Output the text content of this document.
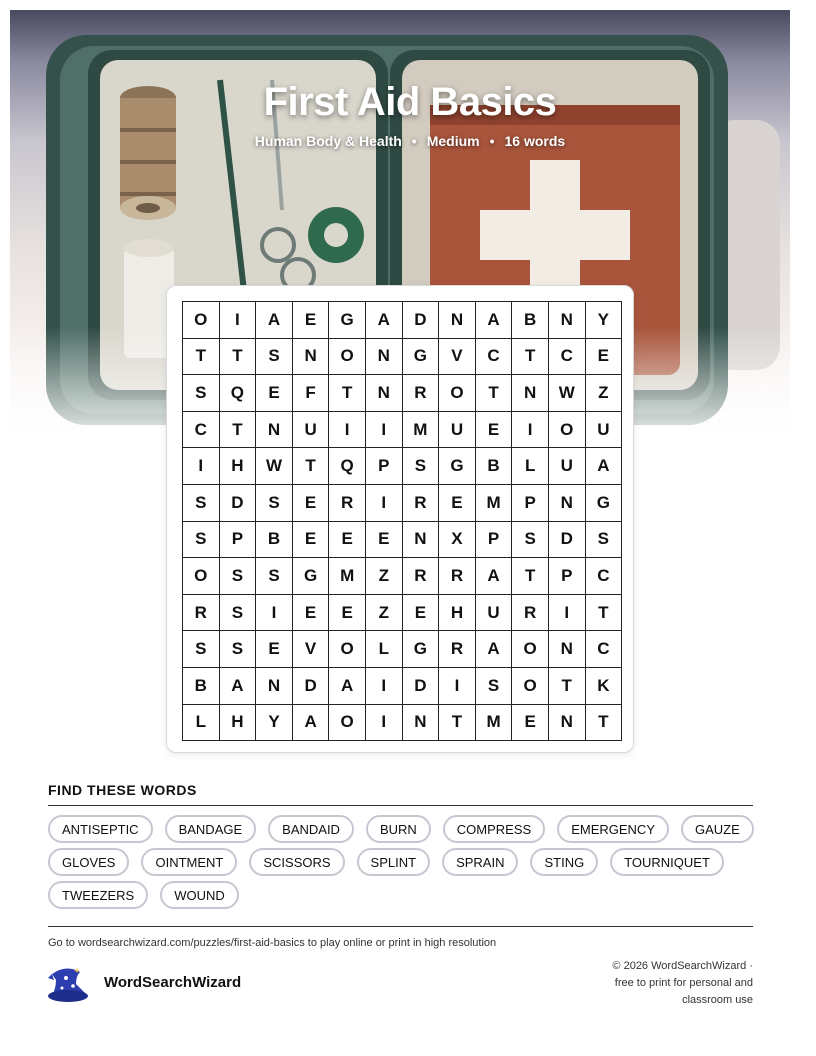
First Aid Basics
Human Body & Health • Medium • 16 words
O	I	A	E	G	A	D	N	A	B	N	Y
T	T	S	N	O	N	G	V	C	T	C	E
S	Q	E	F	T	N	R	O	T	N	W	Z
C	T	N	U	I	I	M	U	E	I	O	U
I	H	W	T	Q	P	S	G	B	L	U	A
S	D	S	E	R	I	R	E	M	P	N	G
S	P	B	E	E	E	N	X	P	S	D	S
O	S	S	G	M	Z	R	R	A	T	P	C
R	S	I	E	E	Z	E	H	U	R	I	T
S	S	E	V	O	L	G	R	A	O	N	C
B	A	N	D	A	I	D	I	S	O	T	K
L	H	Y	A	O	I	N	T	M	E	N	T
FIND THESE WORDS
ANTISEPTIC	BANDAGE	BANDAID	BURN	COMPRESS	EMERGENCY	GAUZE
GLOVES	OINTMENT	SCISSORS	SPLINT	SPRAIN	STING	TOURNIQUET
TWEEZERS	WOUND
Go to wordsearchwizard.com/puzzles/first-aid-basics to play online or print in high resolution
WordSearchWizard
© 2026 WordSearchWizard ·
free to print for personal and
classroom use
